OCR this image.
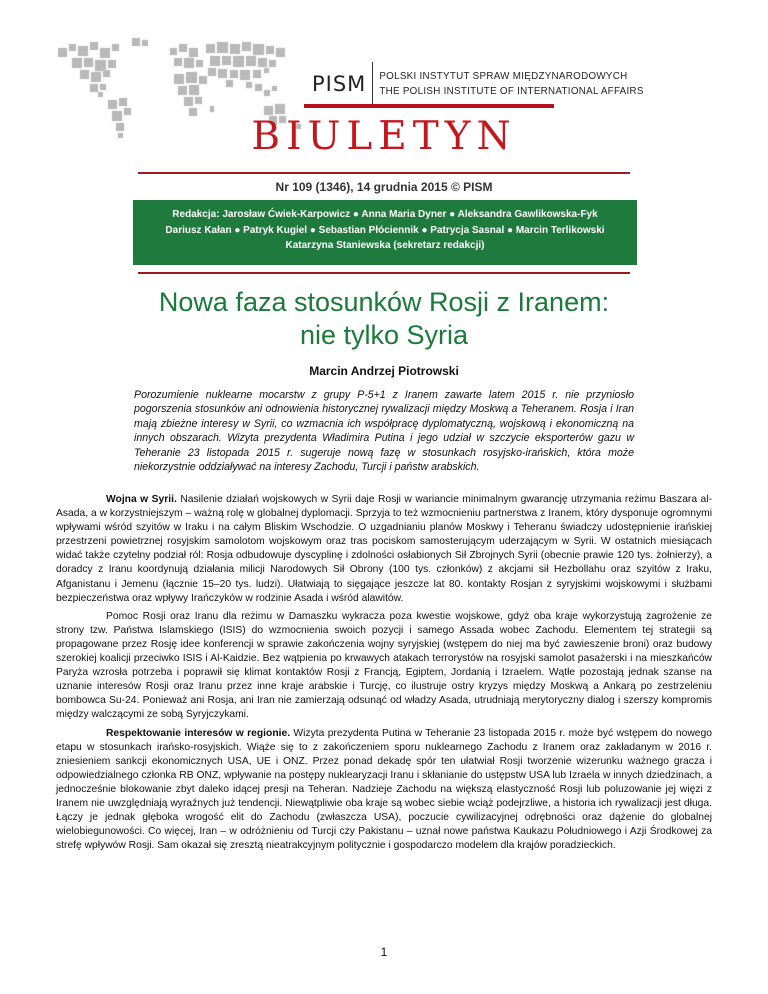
PISM	POLSKI INSTYTUT SPRAW MIĘDZYNARODOWYCH
THE POLISH INSTITUTE OF INTERNATIONAL AFFAIRS
BIULETYN
Nr 109 (1346), 14 grudnia 2015 © PISM
Redakcja: Jarosław Ćwiek-Karpowicz ● Anna Maria Dyner ● Aleksandra Gawlikowska-Fyk
Dariusz Kałan ● Patryk Kugiel ● Sebastian Płóciennik ● Patrycja Sasnal ● Marcin Terlikowski
Katarzyna Staniewska (sekretarz redakcji)
Nowa faza stosunków Rosji z Iranem:
nie tylko Syria
Marcin Andrzej Piotrowski
Porozumienie nuklearne mocarstw z grupy P-5+1 z Iranem zawarte latem 2015 r. nie przyniosło pogorszenia stosunków ani odnowienia historycznej rywalizacji między Moskwą a Teheranem. Rosja i Iran mają zbieżne interesy w Syrii, co wzmacnia ich współpracę dyplomatyczną, wojskową i ekonomiczną na innych obszarach. Wizyta prezydenta Władimira Putina i jego udział w szczycie eksporterów gazu w Teheranie 23 listopada 2015 r. sugeruje nową fazę w stosunkach rosyjsko-irańskich, która może niekorzystnie oddziaływać na interesy Zachodu, Turcji i państw arabskich.

Wojna w Syrii. Nasilenie działań wojskowych w Syrii daje Rosji w wariancie minimalnym gwarancję utrzymania reżimu Baszara al-Asada, a w korzystniejszym – ważną rolę w globalnej dyplomacji. Sprzyja to też wzmocnieniu partnerstwa z Iranem, który dysponuje ogromnymi wpływami wśród szyitów w Iraku i na całym Bliskim Wschodzie. O uzgadnianiu planów Moskwy i Teheranu świadczy udostępnienie irańskiej przestrzeni powietrznej rosyjskim samolotom wojskowym oraz tras pociskom samosterującym uderzającym w Syrii. W ostatnich miesiącach widać także czytelny podział ról: Rosja odbudowuje dyscyplinę i zdolności osłabionych Sił Zbrojnych Syrii (obecnie prawie 120 tys. żołnierzy), a doradcy z Iranu koordynują działania milicji Narodowych Sił Obrony (100 tys. członków) z akcjami sił Hezbollahu oraz szyitów z Iraku, Afganistanu i Jemenu (łącznie 15–20 tys. ludzi). Ułatwiają to sięgające jeszcze lat 80. kontakty Rosjan z syryjskimi wojskowymi i służbami bezpieczeństwa oraz wpływy Irańczyków w rodzinie Asada i wśród alawitów.

Pomoc Rosji oraz Iranu dla reżimu w Damaszku wykracza poza kwestie wojskowe, gdyż oba kraje wykorzystują zagrożenie ze strony tzw. Państwa Islamskiego (ISIS) do wzmocnienia swoich pozycji i samego Assada wobec Zachodu. Elementem tej strategii są propagowane przez Rosję idee konferencji w sprawie zakończenia wojny syryjskiej (wstępem do niej ma być zawieszenie broni) oraz budowy szerokiej koalicji przeciwko ISIS i Al-Kaidzie. Bez wątpienia po krwawych atakach terrorystów na rosyjski samolot pasażerski i na mieszkańców Paryża wzrosła potrzeba i poprawił się klimat kontaktów Rosji z Francją, Egiptem, Jordanią i Izraelem. Wątłe pozostają jednak szanse na uznanie interesów Rosji oraz Iranu przez inne kraje arabskie i Turcję, co ilustruje ostry kryzys między Moskwą a Ankarą po zestrzeleniu bombowca Su-24. Ponieważ ani Rosja, ani Iran nie zamierzają odsunąć od władzy Asada, utrudniają merytoryczny dialog i szerszy kompromis między walczącymi ze sobą Syryjczykami.

Respektowanie interesów w regionie. Wizyta prezydenta Putina w Teheranie 23 listopada 2015 r. może być wstępem do nowego etapu w stosunkach irańsko-rosyjskich. Wiąże się to z zakończeniem sporu nuklearnego Zachodu z Iranem oraz zakładanym w 2016 r. zniesieniem sankcji ekonomicznych USA, UE i ONZ. Przez ponad dekadę spór ten ułatwiał Rosji tworzenie wizerunku ważnego gracza i odpowiedzialnego członka RB ONZ, wpływanie na postępy nuklearyzacji Iranu i skłanianie do ustępstw USA lub Izraela w innych dziedzinach, a jednocześnie blokowanie zbyt daleko idącej presji na Teheran. Nadzieje Zachodu na większą elastyczność Rosji lub poluzowanie jej więzi z Iranem nie uwzględniają wyraźnych już tendencji. Niewątpliwie oba kraje są wobec siebie wciąż podejrzliwe, a historia ich rywalizacji jest długa. Łączy je jednak głęboka wrogość elit do Zachodu (zwłaszcza USA), poczucie cywilizacyjnej odrębności oraz dążenie do globalnej wielobiegunowości. Co więcej, Iran – w odróżnieniu od Turcji czy Pakistanu – uznał nowe państwa Kaukazu Południowego i Azji Środkowej za strefę wpływów Rosji. Sam okazał się zresztą nieatrakcyjnym politycznie i gospodarczo modelem dla krajów poradzieckich.

1
